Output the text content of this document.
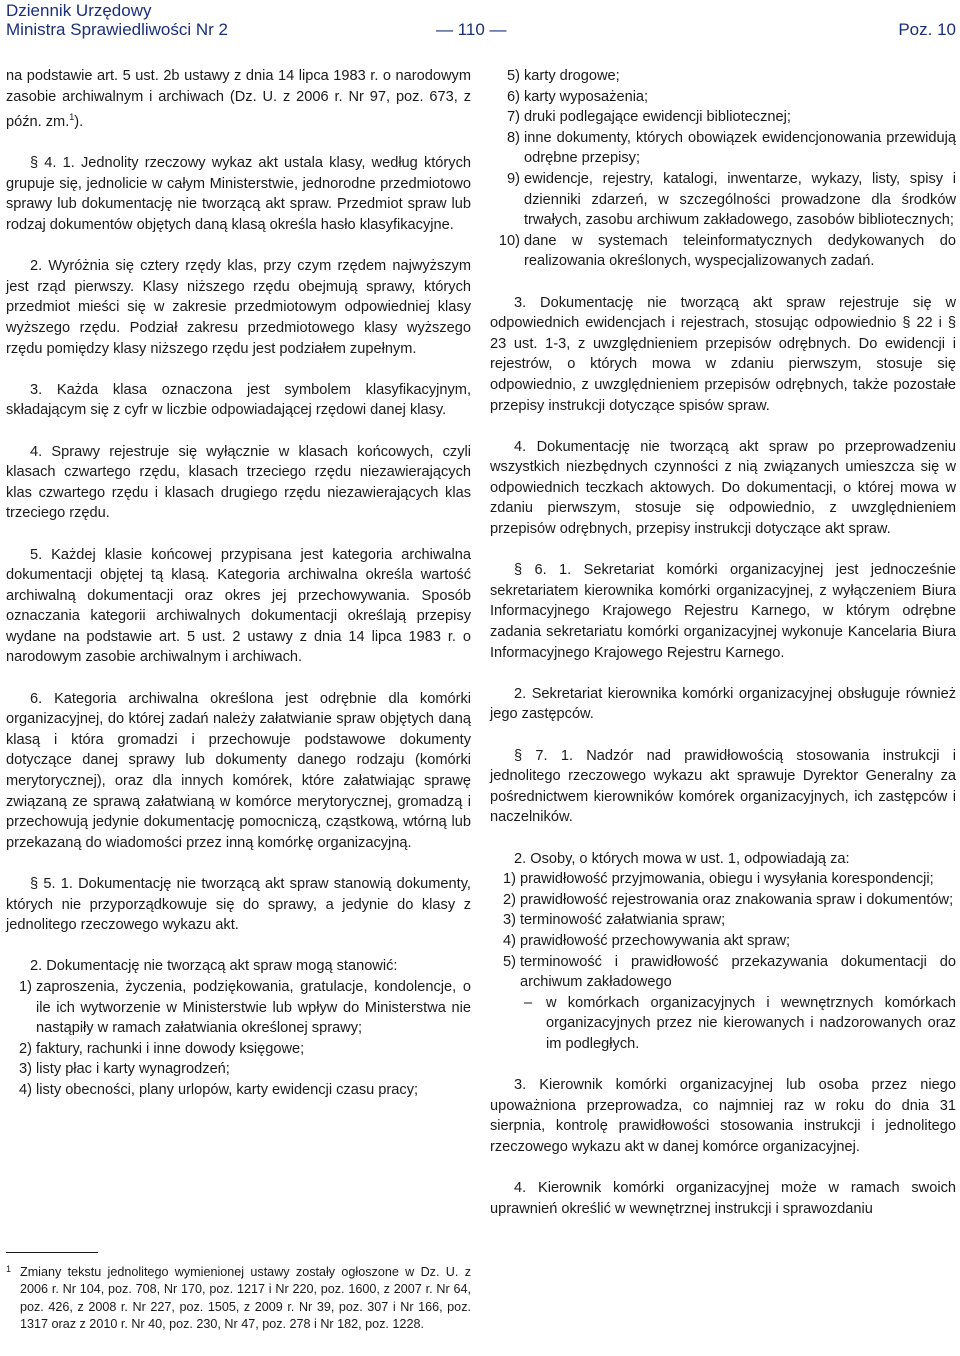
Dziennik Urzędowy
Ministra Sprawiedliwości Nr 2	— 110 —	Poz. 10

na podstawie art. 5 ust. 2b ustawy z dnia 14 lipca 1983 r. o narodowym zasobie archiwalnym i archiwach (Dz. U. z 2006 r. Nr 97, poz. 673, z późn. zm.$^1$).

§ 4. 1. Jednolity rzeczowy wykaz akt ustala klasy, według których grupuje się, jednolicie w całym Ministerstwie, jednorodne przedmiotowo sprawy lub dokumentację nie tworzącą akt spraw. Przedmiot spraw lub rodzaj dokumentów objętych daną klasą określa hasło klasyfikacyjne.

2. Wyróżnia się cztery rzędy klas, przy czym rzędem najwyższym jest rząd pierwszy. Klasy niższego rzędu obejmują sprawy, których przedmiot mieści się w zakresie przedmiotowym odpowiedniej klasy wyższego rzędu. Podział zakresu przedmiotowego klasy wyższego rzędu pomiędzy klasy niższego rzędu jest podziałem zupełnym.

3. Każda klasa oznaczona jest symbolem klasyfikacyjnym, składającym się z cyfr w liczbie odpowiadającej rzędowi danej klasy.

4. Sprawy rejestruje się wyłącznie w klasach końcowych, czyli klasach czwartego rzędu, klasach trzeciego rzędu niezawierających klas czwartego rzędu i klasach drugiego rzędu niezawierających klas trzeciego rzędu.

5. Każdej klasie końcowej przypisana jest kategoria archiwalna dokumentacji objętej tą klasą. Kategoria archiwalna określa wartość archiwalną dokumentacji oraz okres jej przechowywania. Sposób oznaczania kategorii archiwalnych dokumentacji określają przepisy wydane na podstawie art. 5 ust. 2 ustawy z dnia 14 lipca 1983 r. o narodowym zasobie archiwalnym i archiwach.

6. Kategoria archiwalna określona jest odrębnie dla komórki organizacyjnej, do której zadań należy załatwianie spraw objętych daną klasą i która gromadzi i przechowuje podstawowe dokumenty dotyczące danej sprawy lub dokumenty danego rodzaju (komórki merytorycznej), oraz dla innych komórek, które załatwiając sprawę związaną ze sprawą załatwianą w komórce merytorycznej, gromadzą i przechowują jedynie dokumentację pomocniczą, cząstkową, wtórną lub przekazaną do wiadomości przez inną komórkę organizacyjną.

§ 5. 1. Dokumentację nie tworzącą akt spraw stanowią dokumenty, których nie przyporządkowuje się do sprawy, a jedynie do klasy z jednolitego rzeczowego wykazu akt.

2. Dokumentację nie tworzącą akt spraw mogą stanowić:

1) zaproszenia, życzenia, podziękowania, gratulacje, kondolencje, o ile ich wytworzenie w Ministerstwie lub wpływ do Ministerstwa nie nastąpiły w ramach załatwiania określonej sprawy;
2) faktury, rachunki i inne dowody księgowe;
3) listy płac i karty wynagrodzeń;
4) listy obecności, plany urlopów, karty ewidencji czasu pracy;
1 Zmiany tekstu jednolitego wymienionej ustawy zostały ogłoszone w Dz. U. z 2006 r. Nr 104, poz. 708, Nr 170, poz. 1217 i Nr 220, poz. 1600, z 2007 r. Nr 64, poz. 426, z 2008 r. Nr 227, poz. 1505, z 2009 r. Nr 39, poz. 307 i Nr 166, poz. 1317 oraz z 2010 r. Nr 40, poz. 230, Nr 47, poz. 278 i Nr 182, poz. 1228.
5) karty drogowe;
6) karty wyposażenia;
7) druki podlegające ewidencji bibliotecznej;
8) inne dokumenty, których obowiązek ewidencjonowania przewidują odrębne przepisy;
9) ewidencje, rejestry, katalogi, inwentarze, wykazy, listy, spisy i dzienniki zdarzeń, w szczególności prowadzone dla środków trwałych, zasobu archiwum zakładowego, zasobów bibliotecznych;
10) dane w systemach teleinformatycznych dedykowanych do realizowania określonych, wyspecjalizowanych zadań.

3. Dokumentację nie tworzącą akt spraw rejestruje się w odpowiednich ewidencjach i rejestrach, stosując odpowiednio § 22 i § 23 ust. 1-3, z uwzględnieniem przepisów odrębnych. Do ewidencji i rejestrów, o których mowa w zdaniu pierwszym, stosuje się odpowiednio, z uwzględnieniem przepisów odrębnych, także pozostałe przepisy instrukcji dotyczące spisów spraw.

4. Dokumentację nie tworzącą akt spraw po przeprowadzeniu wszystkich niezbędnych czynności z nią związanych umieszcza się w odpowiednich teczkach aktowych. Do dokumentacji, o której mowa w zdaniu pierwszym, stosuje się odpowiednio, z uwzględnieniem przepisów odrębnych, przepisy instrukcji dotyczące akt spraw.

§ 6. 1. Sekretariat komórki organizacyjnej jest jednocześnie sekretariatem kierownika komórki organizacyjnej, z wyłączeniem Biura Informacyjnego Krajowego Rejestru Karnego, w którym odrębne zadania sekretariatu komórki organizacyjnej wykonuje Kancelaria Biura Informacyjnego Krajowego Rejestru Karnego.

2. Sekretariat kierownika komórki organizacyjnej obsługuje również jego zastępców.

§ 7. 1. Nadzór nad prawidłowością stosowania instrukcji i jednolitego rzeczowego wykazu akt sprawuje Dyrektor Generalny za pośrednictwem kierowników komórek organizacyjnych, ich zastępców i naczelników.

2. Osoby, o których mowa w ust. 1, odpowiadają za:

1) prawidłowość przyjmowania, obiegu i wysyłania korespondencji;
2) prawidłowość rejestrowania oraz znakowania spraw i dokumentów;
3) terminowość załatwiania spraw;
4) prawidłowość przechowywania akt spraw;
5) terminowość i prawidłowość przekazywania dokumentacji do archiwum zakładowego

– w komórkach organizacyjnych i wewnętrznych komórkach organizacyjnych przez nie kierowanych i nadzorowanych oraz im podległych.

3. Kierownik komórki organizacyjnej lub osoba przez niego upoważniona przeprowadza, co najmniej raz w roku do dnia 31 sierpnia, kontrolę prawidłowości stosowania instrukcji i jednolitego rzeczowego wykazu akt w danej komórce organizacyjnej.

4. Kierownik komórki organizacyjnej może w ramach swoich uprawnień określić w wewnętrznej instrukcji i sprawozdaniu
